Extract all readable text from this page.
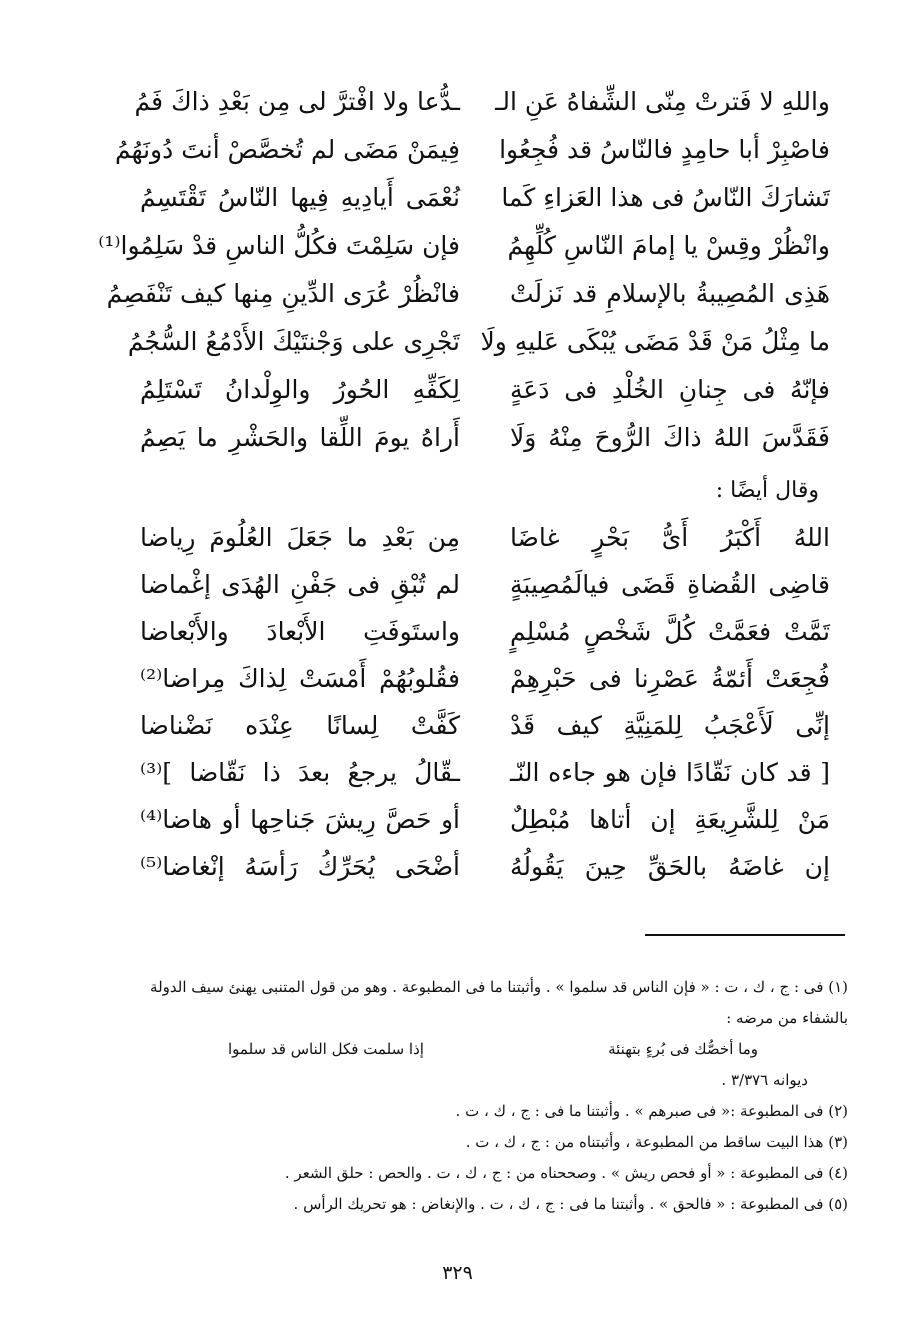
واللهِ لا فَترتْ مِنّى الشِّفاهُ عَنِ الـ
ـدُّعا ولا افْترَّ لى مِن بَعْدِ ذاكَ فَمُ
فاصْبِرْ أبا حامِدٍ فالنّاسُ قد فُجِعُوا
فِيمَنْ مَضَى لم تُخصَّصْ أنتَ دُونَهُمُ
تَشارَكَ النّاسُ فى هذا العَزاءِ كَما
نُعْمَى أَيادِيهِ فِيها النّاسُ تَقْتَسِمُ
وانْظُرْ وقِسْ يا إمامَ النّاسِ كُلِّهِمُ
فإن سَلِمْتَ فكُلُّ الناسِ قدْ سَلِمُوا⁽¹⁾
هَذِى المُصِيبةُ بالإسلامِ قد نَزلَتْ
فانْظُرْ عُرَى الدِّينِ مِنها كيف تَنْفَصِمُ
ما مِثْلُ مَنْ قَدْ مَضَى يُبْكَى عَليهِ ولَا
تَجْرِى على وَجْنتَيْكَ الأَدْمُعُ السُّجُمُ
فإنّهُ فى جِنانِ الخُلْدِ فى دَعَةٍ
لِكَفِّهِ الحُورُ والوِلْدانُ تَسْتَلِمُ
فَقَدَّسَ اللهُ ذاكَ الرُّوحَ مِنْهُ وَلَا
أَراهُ يومَ اللِّقا والحَشْرِ ما يَصِمُ
وقال أيضًا :
اللهُ أَكْبَرُ أَىُّ بَحْرٍ غاضَا
مِن بَعْدِ ما جَعَلَ العُلُومَ رِياضا
قاضِى القُضاةِ قَضَى فيالَمُصِيبَةٍ
لم تُبْقِ فى جَفْنِ الهُدَى إغْماضا
تَمَّتْ فعَمَّتْ كُلَّ شَخْصٍ مُسْلِمٍ
واستَوفَتِ الأَبْعادَ والأَبْعاضا
فُجِعَتْ أَئمّةُ عَصْرِنا فى حَبْرِهِمْ
فقُلوبُهُمْ أَمْسَتْ لِذاكَ مِراضا⁽²⁾
إنِّى لَأَعْجَبُ لِلمَنِيَّةِ كيف قَدْ
كَفَّتْ لِسانًا عِنْدَه نَضْناضا
[ قد كان نَقّادًا فإن هو جاءه النّـ
ـقّالُ يرجعُ بعدَ ذا نَقّاضا ]⁽³⁾
مَنْ لِلشَّرِيعَةِ إن أتاها مُبْطِلٌ
أو حَصَّ رِيشَ جَناحِها أو هاضا⁽⁴⁾
إن غاضَهُ بالحَقِّ حِينَ يَقُولُهُ
أضْحَى يُحَرِّكُ رَأسَهُ إنْغاضا⁽⁵⁾
(١) فى : ج ، ك ، ت : « فإن الناس قد سلموا » . وأثبتنا ما فى المطبوعة . وهو من قول المتنبى يهنئ سيف الدولة
بالشفاء من مرضه :
وما أخصُّك فى بُرءٍ بتهنئة
إذا سلمت فكل الناس قد سلموا
ديوانه ٣/٣٧٦ .
(٢) فى المطبوعة :« فى صبرهم » . وأثبتنا ما فى : ج ، ك ، ت .
(٣) هذا البيت ساقط من المطبوعة ، وأثبتناه من : ج ، ك ، ت .
(٤) فى المطبوعة : « أو فحص ريش » . وصححناه من : ج ، ك ، ت . والحص : حلق الشعر .
(٥) فى المطبوعة : « فالحق » . وأثبتنا ما فى : ج ، ك ، ت . والإنغاض : هو تحريك الرأس .
٣٢٩
